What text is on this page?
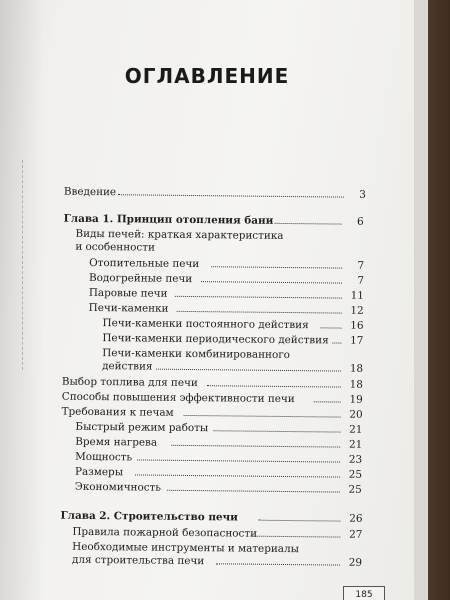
ОГЛАВЛЕНИЕ
Введение	3
Глава 1. Принцип отопления бани	6
Виды печей: краткая характеристика
и особенности
Отопительные печи	7
Водогрейные печи	7
Паровые печи	11
Печи-каменки	12
Печи-каменки постоянного действия	16
Печи-каменки периодического действия	17
Печи-каменки комбинированного
действия	18
Выбор топлива для печи	18
Способы повышения эффективности печи	19
Требования к печам	20
Быстрый режим работы	21
Время нагрева	21
Мощность	23
Размеры	25
Экономичность	25
Глава 2. Строительство печи	26
Правила пожарной безопасности	27
Необходимые инструменты и материалы
для строительства печи	29
185
